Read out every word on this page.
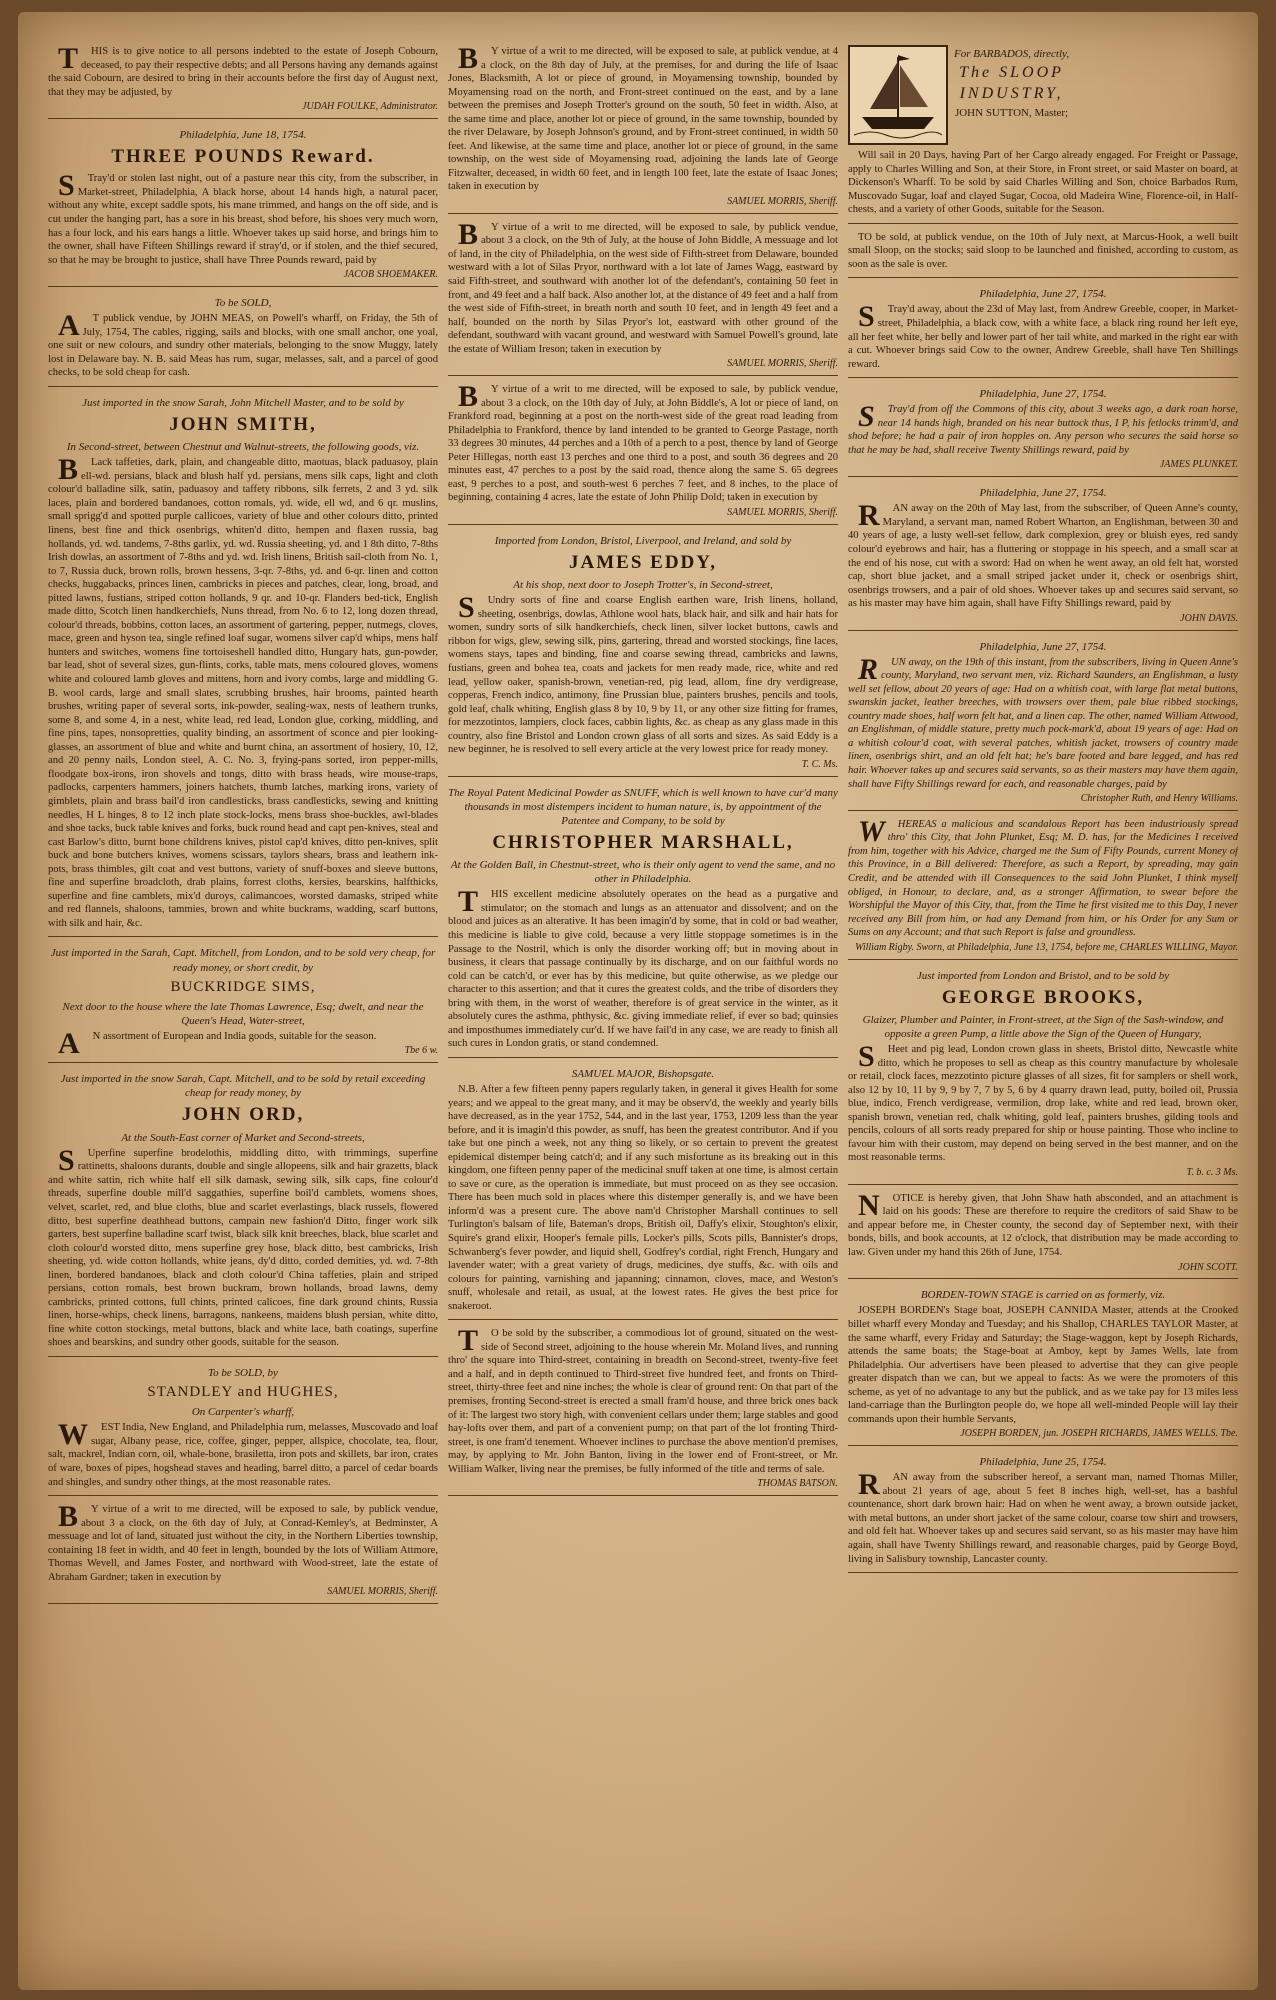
T HIS is to give notice to all persons indebted to the estate of Joseph Cobourn, deceased, to pay their respective debts; and all Persons having any demands against the said Cobourn, are desired to bring in their accounts before the first day of August next, that they may be adjusted, by

JUDAH FOULKE, Administrator.
Philadelphia, June 18, 1754.
THREE POUNDS Reward.

S Tray'd or stolen last night, out of a pasture near this city, from the subscriber, in Market-street, Philadelphia, A black horse, about 14 hands high, a natural pacer, without any white, except saddle spots, his mane trimmed, and hangs on the off side, and is cut under the hanging part, has a sore in his breast, shod before, his shoes very much worn, has a four lock, and his ears hangs a little. Whoever takes up said horse, and brings him to the owner, shall have Fifteen Shillings reward if stray'd, or if stolen, and the thief secured, so that he may be brought to justice, shall have Three Pounds reward, paid by

JACOB SHOEMAKER.
To be SOLD,

A T publick vendue, by JOHN MEAS, on Powell's wharff, on Friday, the 5th of July, 1754, The cables, rigging, sails and blocks, with one small anchor, one yoal, one suit or new colours, and sundry other materials, belonging to the snow Muggy, lately lost in Delaware bay. N. B. said Meas has rum, sugar, melasses, salt, and a parcel of good checks, to be sold cheap for cash.

Just imported in the snow Sarah, John Mitchell Master, and to be sold by
JOHN SMITH,
In Second-street, between Chestnut and Walnut-streets, the following goods, viz.

B Lack taffeties, dark, plain, and changeable ditto, maotuas, black paduasoy, plain ell-wd. persians, black and blush half yd. persians, mens silk caps, light and cloth colour'd balladine silk, satin, paduasoy and taffety ribbons, silk ferrets, 2 and 3 yd. silk laces, plain and bordered bandanoes, cotton romals, yd. wide, ell wd, and 6 qr. muslins, small sprigg'd and spotted purple callicoes, variety of blue and other colours ditto, printed linens, best fine and thick osenbrigs, whiten'd ditto, hempen and flaxen russia, bag hollands, yd. wd. tandems, 7-8ths garlix, yd. wd. Russia sheeting, yd. and 1 8th ditto, 7-8ths Irish dowlas, an assortment of 7-8ths and yd. wd. Irish linens, British sail-cloth from No. 1, to 7, Russia duck, brown rolls, brown hessens, 3-qr. 7-8ths, yd. and 6-qr. linen and cotton checks, huggabacks, princes linen, cambricks in pieces and patches, clear, long, broad, and pitted lawns, fustians, striped cotton hollands, 9 qr. and 10-qr. Flanders bed-tick, English made ditto, Scotch linen handkerchiefs, Nuns thread, from No. 6 to 12, long dozen thread, colour'd threads, bobbins, cotton laces, an assortment of gartering, pepper, nutmegs, cloves, mace, green and hyson tea, single refined loaf sugar, womens silver cap'd whips, mens half hunters and switches, womens fine tortoiseshell handled ditto, Hungary hats, gun-powder, bar lead, shot of several sizes, gun-flints, corks, table mats, mens coloured gloves, womens white and coloured lamb gloves and mittens, horn and ivory combs, large and middling G. B. wool cards, large and small slates, scrubbing brushes, hair brooms, painted hearth brushes, writing paper of several sorts, ink-powder, sealing-wax, nests of leathern trunks, some 8, and some 4, in a nest, white lead, red lead, London glue, corking, middling, and fine pins, tapes, nonsopretties, quality binding, an assortment of sconce and pier looking-glasses, an assortment of blue and white and burnt china, an assortment of hosiery, 10, 12, and 20 penny nails, London steel, A. C. No. 3, frying-pans sorted, iron pepper-mills, floodgate box-irons, iron shovels and tongs, ditto with brass heads, wire mouse-traps, padlocks, carpenters hammers, joiners hatchets, thumb latches, marking irons, variety of gimblets, plain and brass bail'd iron candlesticks, brass candlesticks, sewing and knitting needles, H L hinges, 8 to 12 inch plate stock-locks, mens brass shoe-buckles, awl-blades and shoe tacks, buck table knives and forks, buck round head and capt pen-knives, steal and cast Barlow's ditto, burnt bone childrens knives, pistol cap'd knives, ditto pen-knives, split buck and bone butchers knives, womens scissars, taylors shears, brass and leathern ink-pots, brass thimbles, gilt coat and vest buttons, variety of snuff-boxes and sleeve buttons, fine and superfine broadcloth, drab plains, forrest cloths, kersies, bearskins, halfthicks, superfine and fine camblets, mix'd duroys, calimancoes, worsted damasks, striped white and red flannels, shaloons, tammies, brown and white buckrams, wadding, scarf buttons, with silk and hair, &c.

Just imported in the Sarah, Capt. Mitchell, from London, and to be sold very cheap, for ready money, or short credit, by
BUCKRIDGE SIMS,
Next door to the house where the late Thomas Lawrence, Esq; dwelt, and near the Queen's Head, Water-street,

A N assortment of European and India goods, suitable for the season.

Tbe 6 w.
Just imported in the snow Sarah, Capt. Mitchell, and to be sold by retail exceeding cheap for ready money, by
JOHN ORD,
At the South-East corner of Market and Second-streets,

S Uperfine superfine brodelothis, middling ditto, with trimmings, superfine rattinetts, shaloons durants, double and single allopeens, silk and hair grazetts, black and white sattin, rich white half ell silk damask, sewing silk, silk caps, fine colour'd threads, superfine double mill'd saggathies, superfine boil'd camblets, womens shoes, velvet, scarlet, red, and blue cloths, blue and scarlet everlastings, black russels, flowered ditto, best superfine deathhead buttons, campain new fashion'd Ditto, finger work silk garters, best superfine balladine scarf twist, black silk knit breeches, black, blue scarlet and cloth colour'd worsted ditto, mens superfine grey hose, black ditto, best cambricks, Irish sheeting, yd. wide cotton hollands, white jeans, dy'd ditto, corded demities, yd. wd. 7-8th linen, bordered bandanoes, black and cloth colour'd China taffeties, plain and striped persians, cotton romals, best brown buckram, brown hollands, broad lawns, demy cambricks, printed cottons, full chints, printed calicoes, fine dark ground chints, Russia linen, horse-whips, check linens, barragons, nankeens, maidens blush persian, white ditto, fine white cotton stockings, metal buttons, black and white lace, bath coatings, superfine shoes and bearskins, and sundry other goods, suitable for the season.

To be SOLD, by
STANDLEY and HUGHES,
On Carpenter's wharff,

W EST India, New England, and Philadelphia rum, melasses, Muscovado and loaf sugar, Albany pease, rice, coffee, ginger, pepper, allspice, chocolate, tea, flour, salt, mackrel, Indian corn, oil, whale-bone, brasiletta, iron pots and skillets, bar iron, crates of ware, boxes of pipes, hogshead staves and heading, barrel ditto, a parcel of cedar boards and shingles, and sundry other things, at the most reasonable rates.

B Y virtue of a writ to me directed, will be exposed to sale, by publick vendue, about 3 a clock, on the 6th day of July, at Conrad-Kemley's, at Bedminster, A messuage and lot of land, situated just without the city, in the Northern Liberties township, containing 18 feet in width, and 40 feet in length, bounded by the lots of William Attmore, Thomas Wevell, and James Foster, and northward with Wood-street, late the estate of Abraham Gardner; taken in execution by

SAMUEL MORRIS, Sheriff.

B Y virtue of a writ to me directed, will be exposed to sale, at publick vendue, at 4 a clock, on the 8th day of July, at the premises, for and during the life of Isaac Jones, Blacksmith, A lot or piece of ground, in Moyamensing township, bounded by Moyamensing road on the north, and Front-street continued on the east, and by a lane between the premises and Joseph Trotter's ground on the south, 50 feet in width. Also, at the same time and place, another lot or piece of ground, in the same township, bounded by the river Delaware, by Joseph Johnson's ground, and by Front-street continued, in width 50 feet. And likewise, at the same time and place, another lot or piece of ground, in the same township, on the west side of Moyamensing road, adjoining the lands late of George Fitzwalter, deceased, in width 60 feet, and in length 100 feet, late the estate of Isaac Jones; taken in execution by

SAMUEL MORRIS, Sheriff.

B Y virtue of a writ to me directed, will be exposed to sale, by publick vendue, about 3 a clock, on the 9th of July, at the house of John Biddle, A messuage and lot of land, in the city of Philadelphia, on the west side of Fifth-street from Delaware, bounded westward with a lot of Silas Pryor, northward with a lot late of James Wagg, eastward by said Fifth-street, and southward with another lot of the defendant's, containing 50 feet in front, and 49 feet and a half back. Also another lot, at the distance of 49 feet and a half from the west side of Fifth-street, in breath north and south 10 feet, and in length 49 feet and a half, bounded on the north by Silas Pryor's lot, eastward with other ground of the defendant, southward with vacant ground, and westward with Samuel Powell's ground, late the estate of William Ireson; taken in execution by

SAMUEL MORRIS, Sheriff.

B Y virtue of a writ to me directed, will be exposed to sale, by publick vendue, about 3 a clock, on the 10th day of July, at John Biddle's, A lot or piece of land, on Frankford road, beginning at a post on the north-west side of the great road leading from Philadelphia to Frankford, thence by land intended to be granted to George Pastage, north 33 degrees 30 minutes, 44 perches and a 10th of a perch to a post, thence by land of George Peter Hillegas, north east 13 perches and one third to a post, and south 36 degrees and 20 minutes east, 47 perches to a post by the said road, thence along the same S. 65 degrees east, 9 perches to a post, and south-west 6 perches 7 feet, and 8 inches, to the place of beginning, containing 4 acres, late the estate of John Philip Dold; taken in execution by

SAMUEL MORRIS, Sheriff.
Imported from London, Bristol, Liverpool, and Ireland, and sold by
JAMES EDDY,
At his shop, next door to Joseph Trotter's, in Second-street,

S Undry sorts of fine and coarse English earthen ware, Irish linens, holland, sheeting, osenbrigs, dowlas, Athlone wool hats, black hair, and silk and hair hats for women, sundry sorts of silk handkerchiefs, check linen, silver locket buttons, cawls and ribbon for wigs, glew, sewing silk, pins, gartering, thread and worsted stockings, fine laces, womens stays, tapes and binding, fine and coarse sewing thread, cambricks and lawns, fustians, green and bohea tea, coats and jackets for men ready made, rice, white and red lead, yellow oaker, spanish-brown, venetian-red, pig lead, allom, fine dry verdigrease, copperas, French indico, antimony, fine Prussian blue, painters brushes, pencils and tools, gold leaf, chalk whiting, English glass 8 by 10, 9 by 11, or any other size fitting for frames, for mezzotintos, lampiers, clock faces, cabbin lights, &c. as cheap as any glass made in this country, also fine Bristol and London crown glass of all sorts and sizes. As said Eddy is a new beginner, he is resolved to sell every article at the very lowest price for ready money.

T. C. Ms.
The Royal Patent Medicinal Powder as SNUFF, which is well known to have cur'd many thousands in most distempers incident to human nature, is, by appointment of the Patentee and Company, to be sold by
CHRISTOPHER MARSHALL,
At the Golden Ball, in Chestnut-street, who is their only agent to vend the same, and no other in Philadelphia.

T HIS excellent medicine absolutely operates on the head as a purgative and stimulator; on the stomach and lungs as an attenuator and dissolvent; and on the blood and juices as an alterative. It has been imagin'd by some, that in cold or bad weather, this medicine is liable to give cold, because a very little stoppage sometimes is in the Passage to the Nostril, which is only the disorder working off; but in moving about in business, it clears that passage continually by its discharge, and on our faithful words no cold can be catch'd, or ever has by this medicine, but quite otherwise, as we pledge our character to this assertion; and that it cures the greatest colds, and the tribe of disorders they bring with them, in the worst of weather, therefore is of great service in the winter, as it absolutely cures the asthma, phthysic, &c. giving immediate relief, if ever so bad; quinsies and imposthumes immediately cur'd. If we have fail'd in any case, we are ready to finish all such cures in London gratis, or stand condemned.

SAMUEL MAJOR, Bishopsgate.

N.B. After a few fifteen penny papers regularly taken, in general it gives Health for some years; and we appeal to the great many, and it may be observ'd, the weekly and yearly bills have decreased, as in the year 1752, 544, and in the last year, 1753, 1209 less than the year before, and it is imagin'd this powder, as snuff, has been the greatest contributor. And if you take but one pinch a week, not any thing so likely, or so certain to prevent the greatest epidemical distemper being catch'd; and if any such misfortune as its breaking out in this kingdom, one fifteen penny paper of the medicinal snuff taken at one time, is almost certain to save or cure, as the operation is immediate, but must proceed on as they see occasion. There has been much sold in places where this distemper generally is, and we have been inform'd was a present cure. The above nam'd Christopher Marshall continues to sell Turlington's balsam of life, Bateman's drops, British oil, Daffy's elixir, Stoughton's elixir, Squire's grand elixir, Hooper's female pills, Locker's pills, Scots pills, Bannister's drops, Schwanberg's fever powder, and liquid shell, Godfrey's cordial, right French, Hungary and lavender water; with a great variety of drugs, medicines, dye stuffs, &c. with oils and colours for painting, varnishing and japanning; cinnamon, cloves, mace, and Weston's snuff, wholesale and retail, as usual, at the lowest rates. He gives the best price for snakeroot.

T O be sold by the subscriber, a commodious lot of ground, situated on the west-side of Second street, adjoining to the house wherein Mr. Moland lives, and running thro' the square into Third-street, containing in breadth on Second-street, twenty-five feet and a half, and in depth continued to Third-street five hundred feet, and fronts on Third-street, thirty-three feet and nine inches; the whole is clear of ground rent: On that part of the premises, fronting Second-street is erected a small fram'd house, and three brick ones back of it: The largest two story high, with convenient cellars under them; large stables and good hay-lofts over them, and part of a convenient pump; on that part of the lot fronting Third-street, is one fram'd tenement. Whoever inclines to purchase the above mention'd premises, may, by applying to Mr. John Banton, living in the lower end of Front-street, or Mr. William Walker, living near the premises, be fully informed of the title and terms of sale.

THOMAS BATSON.
For BARBADOS, directly,
The SLOOP
INDUSTRY,
JOHN SUTTON, Master;

Will sail in 20 Days, having Part of her Cargo already engaged. For Freight or Passage, apply to Charles Willing and Son, at their Store, in Front street, or said Master on board, at Dickenson's Wharff. To be sold by said Charles Willing and Son, choice Barbados Rum, Muscovado Sugar, loaf and clayed Sugar, Cocoa, old Madeira Wine, Florence-oil, in Half-chests, and a variety of other Goods, suitable for the Season.

TO be sold, at publick vendue, on the 10th of July next, at Marcus-Hook, a well built small Sloop, on the stocks; said sloop to be launched and finished, according to custom, as soon as the sale is over.

Philadelphia, June 27, 1754.

S Tray'd away, about the 23d of May last, from Andrew Greeble, cooper, in Market-street, Philadelphia, a black cow, with a white face, a black ring round her left eye, all her feet white, her belly and lower part of her tail white, and marked in the right ear with a cut. Whoever brings said Cow to the owner, Andrew Greeble, shall have Ten Shillings reward.

Philadelphia, June 27, 1754.

S Tray'd from off the Commons of this city, about 3 weeks ago, a dark roan horse, near 14 hands high, branded on his near buttock thus, I P, his fetlocks trimm'd, and shod before; he had a pair of iron hopples on. Any person who secures the said horse so that he may be had, shall receive Twenty Shillings reward, paid by

JAMES PLUNKET.
Philadelphia, June 27, 1754.

R AN away on the 20th of May last, from the subscriber, of Queen Anne's county, Maryland, a servant man, named Robert Wharton, an Englishman, between 30 and 40 years of age, a lusty well-set fellow, dark complexion, grey or bluish eyes, red sandy colour'd eyebrows and hair, has a fluttering or stoppage in his speech, and a small scar at the end of his nose, cut with a sword: Had on when he went away, an old felt hat, worsted cap, short blue jacket, and a small striped jacket under it, check or osenbrigs shirt, osenbrigs trowsers, and a pair of old shoes. Whoever takes up and secures said servant, so as his master may have him again, shall have Fifty Shillings reward, paid by

JOHN DAVIS.
Philadelphia, June 27, 1754.

R UN away, on the 19th of this instant, from the subscribers, living in Queen Anne's county, Maryland, two servant men, viz. Richard Saunders, an Englishman, a lusty well set fellow, about 20 years of age: Had on a whitish coat, with large flat metal buttons, swanskin jacket, leather breeches, with trowsers over them, pale blue ribbed stockings, country made shoes, half worn felt hat, and a linen cap. The other, named William Attwood, an Englishman, of middle stature, pretty much pock-mark'd, about 19 years of age: Had on a whitish colour'd coat, with several patches, whitish jacket, trowsers of country made linen, osenbrigs shirt, and an old felt hat; he's bare footed and bare legged, and has red hair. Whoever takes up and secures said servants, so as their masters may have them again, shall have Fifty Shillings reward for each, and reasonable charges, paid by

Christopher Ruth, and Henry Williams.

W HEREAS a malicious and scandalous Report has been industriously spread thro' this City, that John Plunket, Esq; M. D. has, for the Medicines I received from him, together with his Advice, charged me the Sum of Fifty Pounds, current Money of this Province, in a Bill delivered: Therefore, as such a Report, by spreading, may gain Credit, and be attended with ill Consequences to the said John Plunket, I think myself obliged, in Honour, to declare, and, as a stronger Affirmation, to swear before the Worshipful the Mayor of this City, that, from the Time he first visited me to this Day, I never received any Bill from him, or had any Demand from him, or his Order for any Sum or Sums on any Account; and that such Report is false and groundless.

William Rigby. Sworn, at Philadelphia, June 13, 1754, before me, CHARLES WILLING, Mayor.
Just imported from London and Bristol, and to be sold by
GEORGE BROOKS,
Glaizer, Plumber and Painter, in Front-street, at the Sign of the Sash-window, and opposite a green Pump, a little above the Sign of the Queen of Hungary,

S Heet and pig lead, London crown glass in sheets, Bristol ditto, Newcastle white ditto, which he proposes to sell as cheap as this country manufacture by wholesale or retail, clock faces, mezzotinto picture glasses of all sizes, fit for samplers or shell work, also 12 by 10, 11 by 9, 9 by 7, 7 by 5, 6 by 4 quarry drawn lead, putty, boiled oil, Prussia blue, indico, French verdigrease, vermilion, drop lake, white and red lead, brown oker, spanish brown, venetian red, chalk whiting, gold leaf, painters brushes, gilding tools and pencils, colours of all sorts ready prepared for ship or house painting. Those who incline to favour him with their custom, may depend on being served in the best manner, and on the most reasonable terms.

T. b. c. 3 Ms.

N OTICE is hereby given, that John Shaw hath absconded, and an attachment is laid on his goods: These are therefore to require the creditors of said Shaw to be and appear before me, in Chester county, the second day of September next, with their bonds, bills, and book accounts, at 12 o'clock, that distribution may be made according to law. Given under my hand this 26th of June, 1754.

JOHN SCOTT.
BORDEN-TOWN STAGE is carried on as formerly, viz.

JOSEPH BORDEN's Stage boat, JOSEPH CANNIDA Master, attends at the Crooked billet wharff every Monday and Tuesday; and his Shallop, CHARLES TAYLOR Master, at the same wharff, every Friday and Saturday; the Stage-waggon, kept by Joseph Richards, attends the same boats; the Stage-boat at Amboy, kept by James Wells, late from Philadelphia. Our advertisers have been pleased to advertise that they can give people greater dispatch than we can, but we appeal to facts: As we were the promoters of this scheme, as yet of no advantage to any but the publick, and as we take pay for 13 miles less land-carriage than the Burlington people do, we hope all well-minded People will lay their commands upon their humble Servants,

JOSEPH BORDEN, jun. JOSEPH RICHARDS, JAMES WELLS. Tbe.
Philadelphia, June 25, 1754.

R AN away from the subscriber hereof, a servant man, named Thomas Miller, about 21 years of age, about 5 feet 8 inches high, well-set, has a bashful countenance, short dark brown hair: Had on when he went away, a brown outside jacket, with metal buttons, an under short jacket of the same colour, coarse tow shirt and trowsers, and old felt hat. Whoever takes up and secures said servant, so as his master may have him again, shall have Twenty Shillings reward, and reasonable charges, paid by George Boyd, living in Salisbury township, Lancaster county.
